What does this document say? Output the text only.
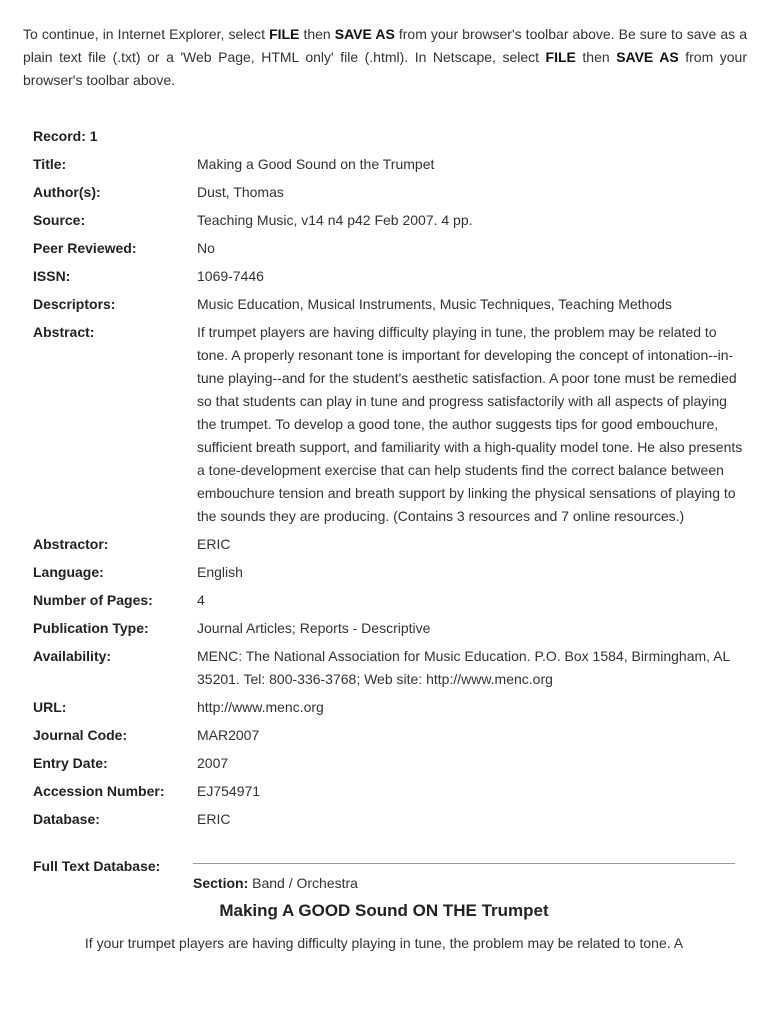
To continue, in Internet Explorer, select FILE then SAVE AS from your browser's toolbar above. Be sure to save as a plain text file (.txt) or a 'Web Page, HTML only' file (.html). In Netscape, select FILE then SAVE AS from your browser's toolbar above.

Record: 1	
Title:	Making a Good Sound on the Trumpet
Author(s):	Dust, Thomas
Source:	Teaching Music, v14 n4 p42 Feb 2007. 4 pp.
Peer Reviewed:	No
ISSN:	1069-7446
Descriptors:	Music Education, Musical Instruments, Music Techniques, Teaching Methods
Abstract:	If trumpet players are having difficulty playing in tune, the problem may be related to tone. A properly resonant tone is important for developing the concept of intonation--in-tune playing--and for the student's aesthetic satisfaction. A poor tone must be remedied so that students can play in tune and progress satisfactorily with all aspects of playing the trumpet. To develop a good tone, the author suggests tips for good embouchure, sufficient breath support, and familiarity with a high-quality model tone. He also presents a tone-development exercise that can help students find the correct balance between embouchure tension and breath support by linking the physical sensations of playing to the sounds they are producing. (Contains 3 resources and 7 online resources.)
Abstractor:	ERIC
Language:	English
Number of Pages:	4
Publication Type:	Journal Articles; Reports - Descriptive
Availability:	MENC: The National Association for Music Education. P.O. Box 1584, Birmingham, AL 35201. Tel: 800-336-3768; Web site: http://www.menc.org
URL:	http://www.menc.org
Journal Code:	MAR2007
Entry Date:	2007
Accession Number:	EJ754971
Database:	ERIC
Full Text Database:
Section: Band / Orchestra
Making A GOOD Sound ON THE Trumpet
If your trumpet players are having difficulty playing in tune, the problem may be related to tone. A
